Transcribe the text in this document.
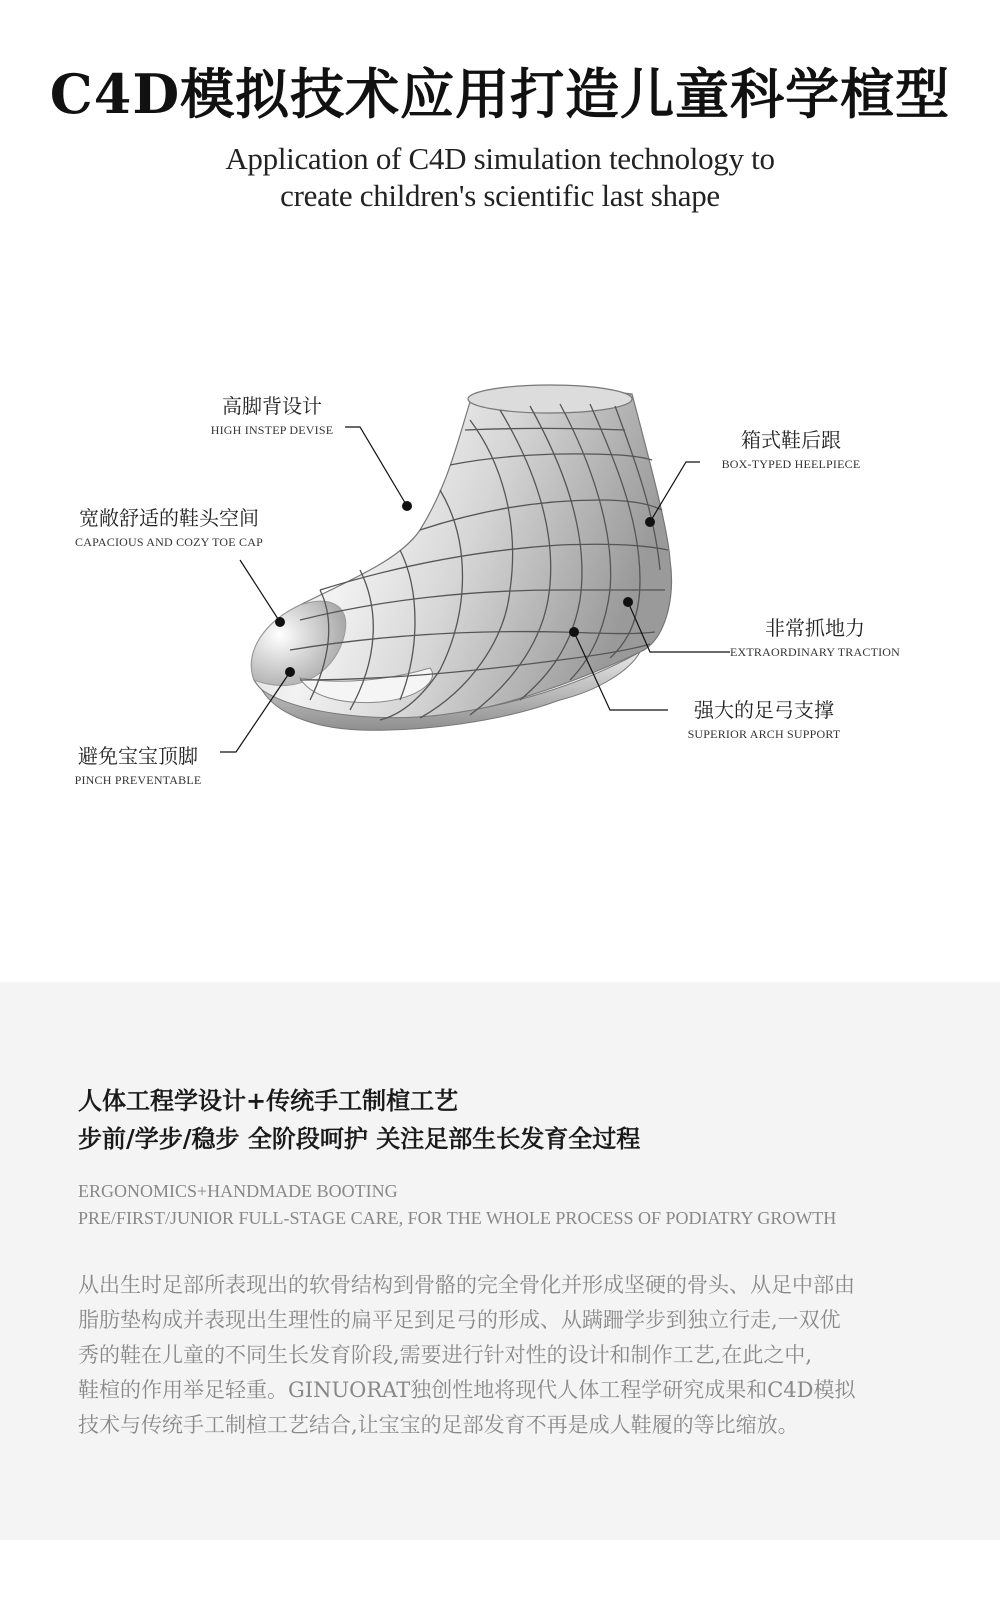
C4D模拟技术应用打造儿童科学楦型
Application of C4D simulation technology to
create children's scientific last shape
高脚背设计
HIGH INSTEP DEVISE	箱式鞋后跟
BOX-TYPED HEELPIECE
宽敞舒适的鞋头空间
CAPACIOUS AND COZY TOE CAP
非常抓地力
EXTRAORDINARY TRACTION
强大的足弓支撑
SUPERIOR ARCH SUPPORT
避免宝宝顶脚
PINCH PREVENTABLE
人体工程学设计+传统手工制楦工艺
步前/学步/稳步 全阶段呵护 关注足部生长发育全过程
ERGONOMICS+HANDMADE BOOTING
PRE/FIRST/JUNIOR FULL-STAGE CARE, FOR THE WHOLE PROCESS OF PODIATRY GROWTH
从出生时足部所表现出的软骨结构到骨骼的完全骨化并形成坚硬的骨头、从足中部由
脂肪垫构成并表现出生理性的扁平足到足弓的形成、从蹒跚学步到独立行走,一双优
秀的鞋在儿童的不同生长发育阶段,需要进行针对性的设计和制作工艺,在此之中,
鞋楦的作用举足轻重。GINUORAT独创性地将现代人体工程学研究成果和C4D模拟
技术与传统手工制楦工艺结合,让宝宝的足部发育不再是成人鞋履的等比缩放。
